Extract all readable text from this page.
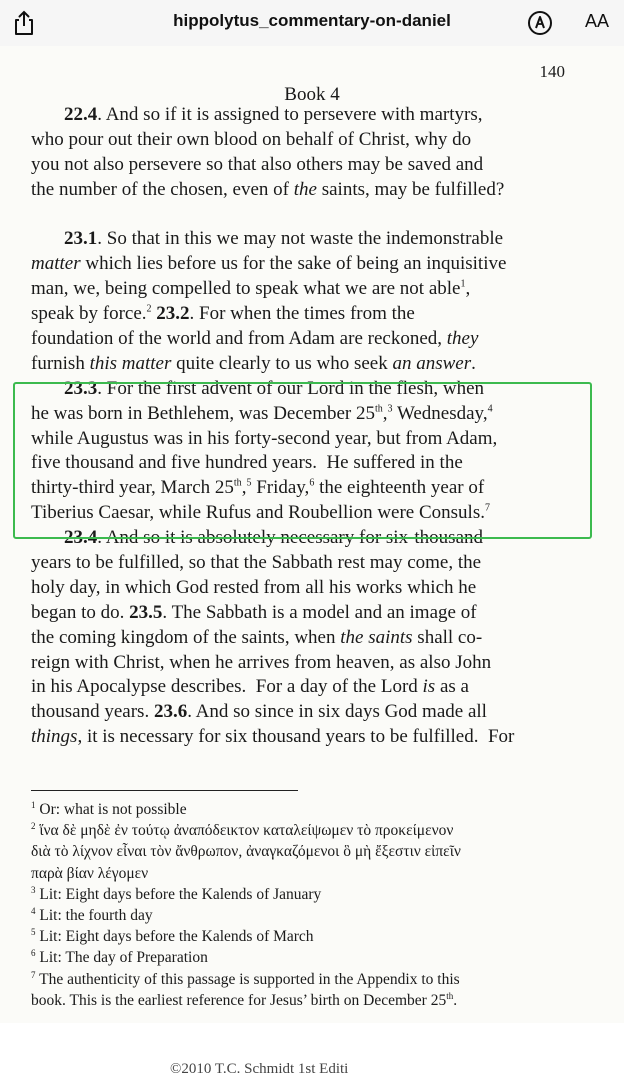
hippolytus_commentary-on-daniel	AA
140
Book 4
22.4. And so if it is assigned to persevere with martyrs,
who pour out their own blood on behalf of Christ, why do
you not also persevere so that also others may be saved and
the number of the chosen, even of the saints, may be fulfilled?
23.1. So that in this we may not waste the indemonstrable
matter which lies before us for the sake of being an inquisitive
man, we, being compelled to speak what we are not able$^1$,
speak by force.$^2$ 23.2. For when the times from the
foundation of the world and from Adam are reckoned, they
furnish this matter quite clearly to us who seek an answer.
23.3. For the first advent of our Lord in the flesh, when
he was born in Bethlehem, was December 25th,$^3$ Wednesday,$^4$
while Augustus was in his forty-second year, but from Adam,
five thousand and five hundred years.  He suffered in the
thirty-third year, March 25th,$^5$ Friday,$^6$ the eighteenth year of
Tiberius Caesar, while Rufus and Roubellion were Consuls.$^7$
23.4. And so it is absolutely necessary for six-thousand
years to be fulfilled, so that the Sabbath rest may come, the
holy day, in which God rested from all his works which he
began to do. 23.5. The Sabbath is a model and an image of
the coming kingdom of the saints, when the saints shall co-
reign with Christ, when he arrives from heaven, as also John
in his Apocalypse describes.  For a day of the Lord is as a
thousand years. 23.6. And so since in six days God made all
things, it is necessary for six thousand years to be fulfilled.  For
$^1$ Or: what is not possible
$^2$ ἵνα δὲ μηδὲ ἐν τούτῳ ἀναπόδεικτον καταλείψωμεν τὸ προκείμενον
διὰ τὸ λίχνον εἶναι τὸν ἄνθρωπον, ἀναγκαζόμενοι ὃ μὴ ἔξεστιν εἰπεῖν
παρὰ βίαν λέγομεν
$^3$ Lit: Eight days before the Kalends of January
$^4$ Lit: the fourth day
$^5$ Lit: Eight days before the Kalends of March
$^6$ Lit: The day of Preparation
$^7$ The authenticity of this passage is supported in the Appendix to this
book. This is the earliest reference for Jesus’ birth on December 25th.
©2010 T.C. Schmidt 1st Editi
